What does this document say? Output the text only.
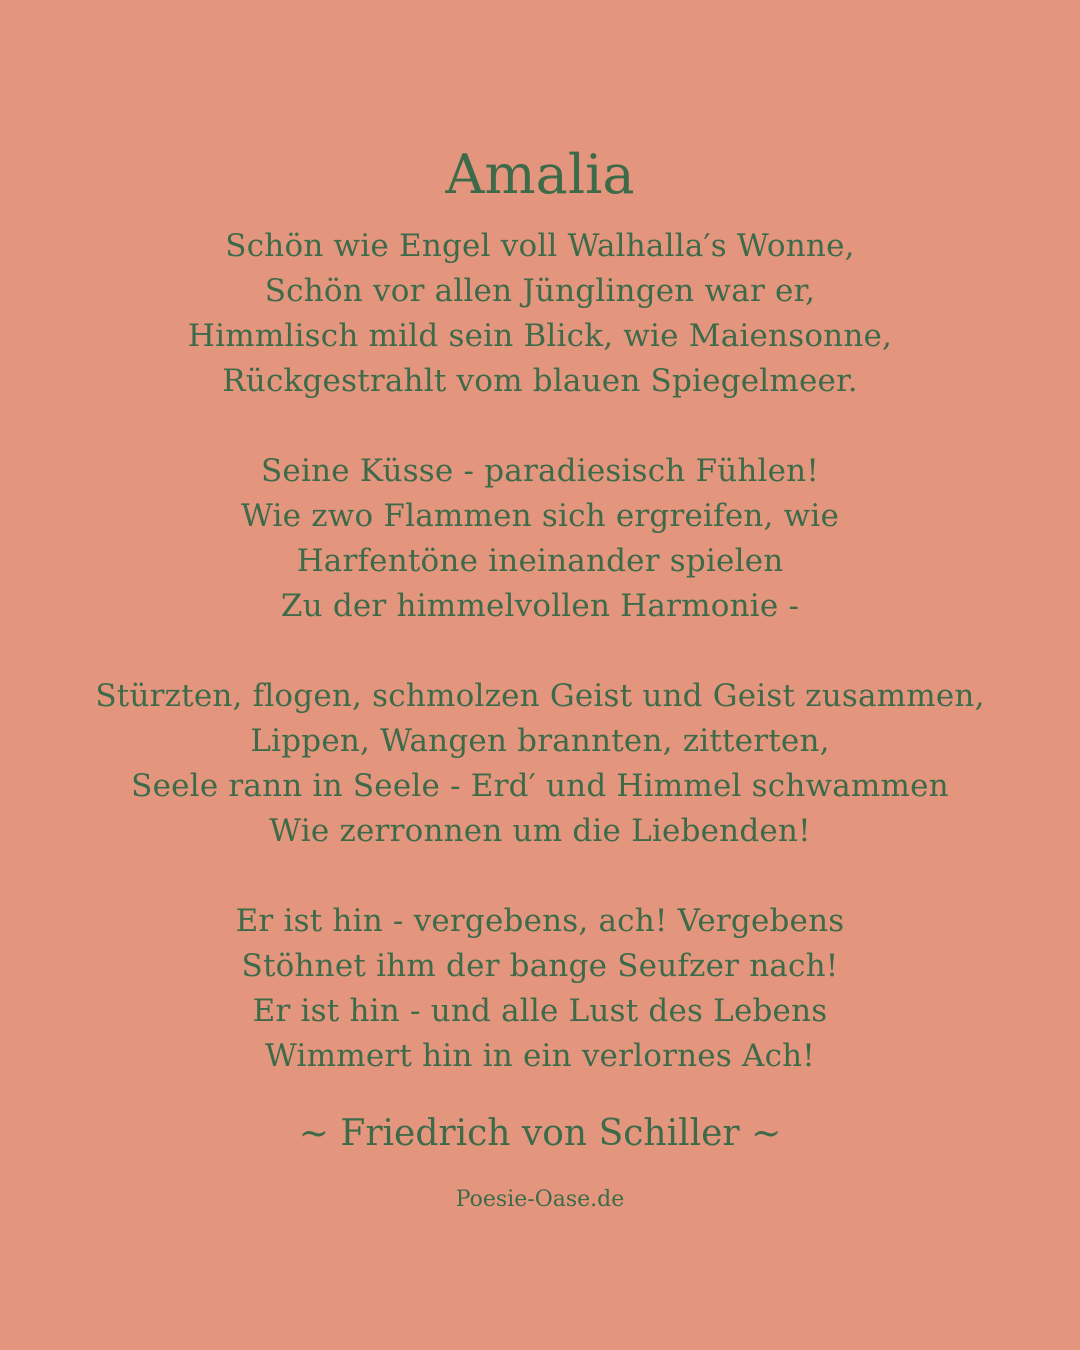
Amalia
Schön wie Engel voll Walhalla′s Wonne,
Schön vor allen Jünglingen war er,
Himmlisch mild sein Blick, wie Maiensonne,
Rückgestrahlt vom blauen Spiegelmeer.
Seine Küsse - paradiesisch Fühlen!
Wie zwo Flammen sich ergreifen, wie
Harfentöne ineinander spielen
Zu der himmelvollen Harmonie -
Stürzten, flogen, schmolzen Geist und Geist zusammen,
Lippen, Wangen brannten, zitterten,
Seele rann in Seele - Erd′ und Himmel schwammen
Wie zerronnen um die Liebenden!
Er ist hin - vergebens, ach! Vergebens
Stöhnet ihm der bange Seufzer nach!
Er ist hin - und alle Lust des Lebens
Wimmert hin in ein verlornes Ach!
~ Friedrich von Schiller ~
Poesie-Oase.de
